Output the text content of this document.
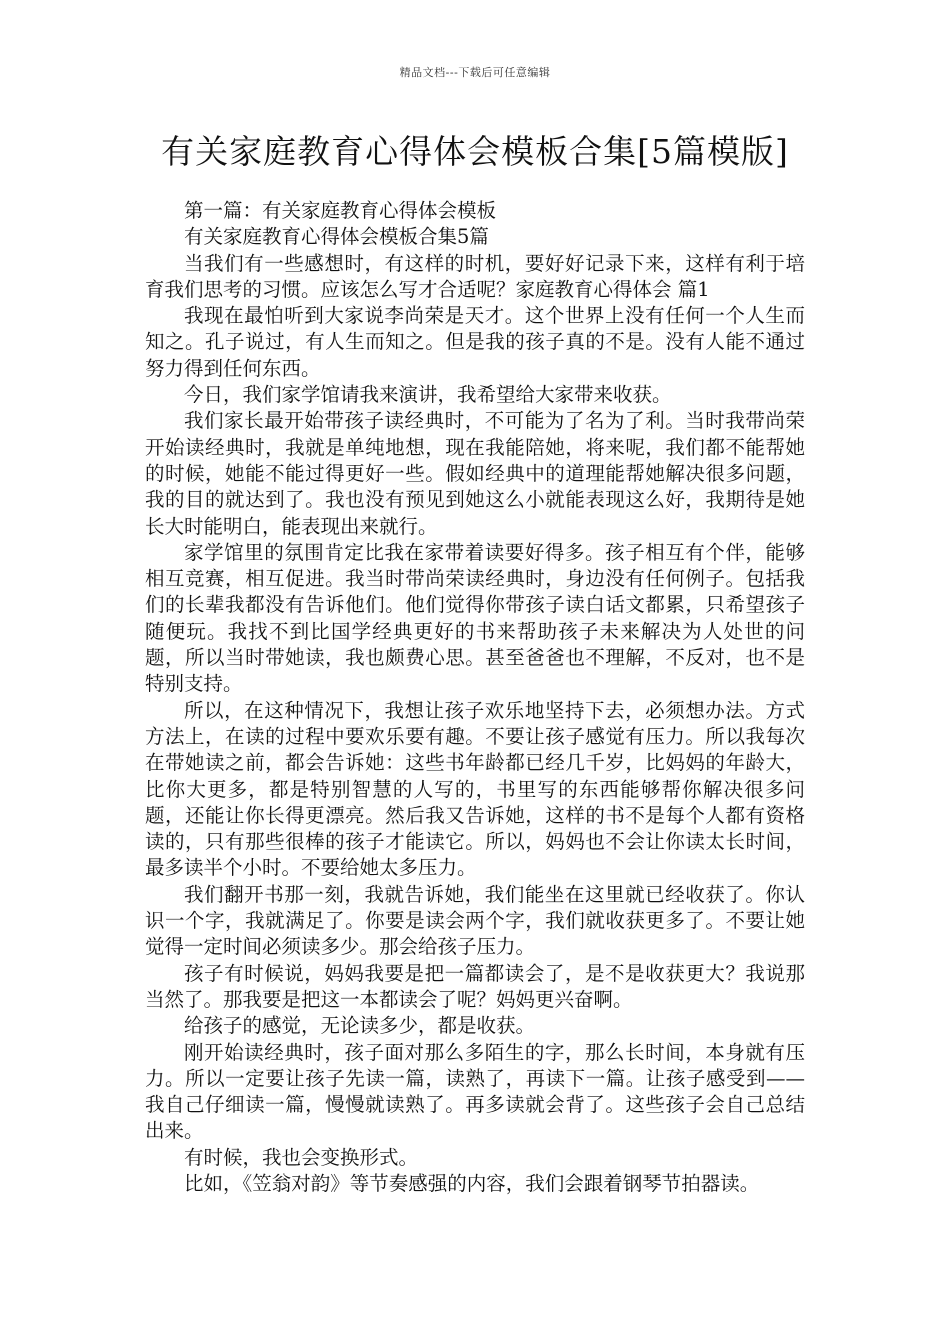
精品文档---下载后可任意编辑
有关家庭教育心得体会模板合集[5篇模版]

第一篇：有关家庭教育心得体会模板

有关家庭教育心得体会模板合集5篇

当我们有一些感想时，有这样的时机，要好好记录下来，这样有利于培育我们思考的习惯。应该怎么写才合适呢？家庭教育心得体会 篇1

我现在最怕听到大家说李尚荣是天才。这个世界上没有任何一个人生而知之。孔子说过，有人生而知之。但是我的孩子真的不是。没有人能不通过努力得到任何东西。

今日，我们家学馆请我来演讲，我希望给大家带来收获。

我们家长最开始带孩子读经典时，不可能为了名为了利。当时我带尚荣开始读经典时，我就是单纯地想，现在我能陪她，将来呢，我们都不能帮她的时候，她能不能过得更好一些。假如经典中的道理能帮她解决很多问题，我的目的就达到了。我也没有预见到她这么小就能表现这么好，我期待是她长大时能明白，能表现出来就行。

家学馆里的氛围肯定比我在家带着读要好得多。孩子相互有个伴，能够相互竞赛，相互促进。我当时带尚荣读经典时，身边没有任何例子。包括我们的长辈我都没有告诉他们。他们觉得你带孩子读白话文都累，只希望孩子随便玩。我找不到比国学经典更好的书来帮助孩子未来解决为人处世的问题，所以当时带她读，我也颇费心思。甚至爸爸也不理解，不反对，也不是特别支持。

所以，在这种情况下，我想让孩子欢乐地坚持下去，必须想办法。方式方法上，在读的过程中要欢乐要有趣。不要让孩子感觉有压力。所以我每次在带她读之前，都会告诉她：这些书年龄都已经几千岁，比妈妈的年龄大，比你大更多，都是特别智慧的人写的，书里写的东西能够帮你解决很多问题，还能让你长得更漂亮。然后我又告诉她，这样的书不是每个人都有资格读的，只有那些很棒的孩子才能读它。所以，妈妈也不会让你读太长时间，最多读半个小时。不要给她太多压力。

我们翻开书那一刻，我就告诉她，我们能坐在这里就已经收获了。你认识一个字，我就满足了。你要是读会两个字，我们就收获更多了。不要让她觉得一定时间必须读多少。那会给孩子压力。

孩子有时候说，妈妈我要是把一篇都读会了，是不是收获更大？我说那当然了。那我要是把这一本都读会了呢？妈妈更兴奋啊。

给孩子的感觉，无论读多少，都是收获。

刚开始读经典时，孩子面对那么多陌生的字，那么长时间，本身就有压力。所以一定要让孩子先读一篇，读熟了，再读下一篇。让孩子感受到——我自己仔细读一篇，慢慢就读熟了。再多读就会背了。这些孩子会自己总结出来。

有时候，我也会变换形式。

比如，《笠翁对韵》等节奏感强的内容，我们会跟着钢琴节拍器读。
